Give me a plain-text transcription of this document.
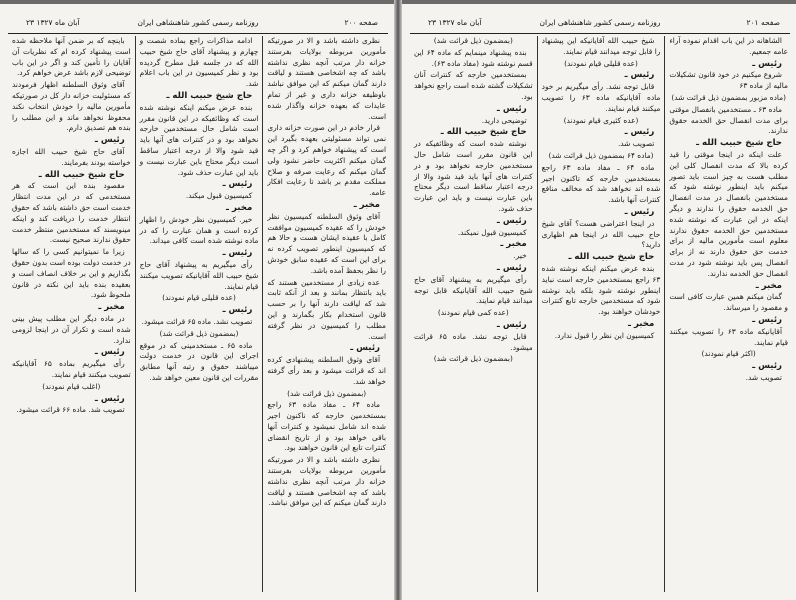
۲۳ آبان ماه ۱۳۲۷	روزنامه رسمی کشور شاهنشاهی ایران	صفحه ۲۰۰

نظری داشته باشد و الا در صورتیکه مأمورین مربوطه بولایات بفرستند خزانه دار مرتب آنچه نظری نداشته باشد که چه اشخاصی هستند و لیاقت دارند گمان میکنم که این موافق نباشد باوظیفه خزانه داری و غیر از تمام عایدات که بعهده خزانه واگذار شده است.

قرار خادم در این صورت خزانه داری نمی تواند مسئولیتی بعهده بگیرد این است که پیشنهاد خواهم کرد و اگر چه گمان میکنم اکثریت حاضر نشود ولی گمان میکنم که رعایت صرفه و صلاح مملکت مقدم بر باشد تا رعایت افکار عامه.

مخبر ـ

آقای وثوق السلطنه کمیسیون نظر خودش را که عقیده کمیسیون موافقت کامل با عقیده ایشان هست و حالا هم که کمیسیون اینطور تصویب کرده نه برای این است که عقیده سابق خودش را نظر بحفظ آمده باشد.

عده زیادی از مستخدمین هستند که باید بانتظار بمانند و بعد از آنکه ثابت شد که لیاقت دارند آنها را بر حسب قانون استخدام بکار بگمارند و این مطلب را کمیسیون در نظر گرفته است.

رئیس ـ

آقای وثوق السلطنه پیشنهادی کرده اند که قرائت میشود و بعد رأی گرفته خواهد شد.

(بمضمون ذیل قرائت شد)

ماده ۶۴ ـ مفاد ماده ۶۳ راجع بمستخدمین خارجه که ناکنون اجیر شده اند شامل نمیشود و کنترات آنها باقی خواهد بود و از تاریخ انقضای کنترات تابع این قانون خواهند بود.

نظری داشته باشد و الا در صورتیکه مأمورین مربوطه بولایات بفرستند خزانه دار مرتب آنچه نظری نداشته باشد که چه اشخاصی هستند و لیاقت دارند گمان میکنم که این موافق نباشد.

ادامه مذاکرات راجع بماده شصت و چهارم و پیشنهاد آقای حاج شیخ حبیب الله که در جلسه قبل مطرح گردیده بود و نظر کمیسیون در این باب اعلام شد.

حاج شیخ حبیب الله ـ

بنده عرض میکنم اینکه نوشته شده است که وظائفیکه در این قانون مقرر است شامل حال مستخدمین خارجه نخواهد بود و در کنترات های آنها باید قید شود والا از درجه اعتبار ساقط است دیگر محتاج باین عبارت نیست و باید این عبارت حذف شود.

رئیس ـ

کمیسیون قبول میکند.

مخبر ـ

خیر. کمیسیون نظر خودش را اظهار کرده است و همان عبارت را که در ماده نوشته شده است کافی میداند.

رئیس ـ

رأی میگیریم به پیشنهاد آقای حاج شیخ حبیب الله آقایانیکه تصویب میکنند قیام نمایند.

(عده قلیلی قیام نمودند)

رئیس ـ

تصویب نشد. ماده ۶۵ قرائت میشود.

(بمضمون ذیل قرائت شد)

ماده ۶۵ ـ مستخدمینی که در موقع اجرای این قانون در خدمت دولت میباشند حقوق و رتبه آنها مطابق مقررات این قانون معین خواهد شد.

باینچه که بر ضمن آنها ملاحظه شده است پیشنهاد کرده ام که نظریات آن آقایان را تأمین کند و اگر در این باب توضیحی لازم باشد عرض خواهم کرد.

آقای وثوق السلطنه اظهار فرمودند که مسئولیت خزانه دار کل در صورتیکه مأمورین مالیه را خودش انتخاب نکند محفوظ نخواهد ماند و این مطلب را بنده هم تصدیق دارم.

رئیس ـ

آقای حاج شیخ حبیب الله اجازه خواسته بودند بفرمایند.

حاج شیخ حبیب الله ـ

مقصود بنده این است که هر مستخدمی که در این مدت انتظار خدمت است حق داشته باشد که حقوق انتظار خدمت را دریافت کند و اینکه مینویسند که مستخدمین منتظر خدمت حقوق ندارند صحیح نیست.

زیرا ما نمیتوانیم کسی را که سالها در خدمت دولت بوده است بدون حقوق بگذاریم و این بر خلاف انصاف است و بعقیده بنده باید این نکته در قانون ملحوظ شود.

مخبر ـ

در ماده دیگر این مطلب پیش بینی شده است و تکرار آن در اینجا لزومی ندارد.

رئیس ـ

رأی میگیریم بماده ۶۵ آقایانیکه تصویب میکنند قیام نمایند.

(اغلب قیام نمودند)

رئیس ـ

تصویب شد. ماده ۶۶ قرائت میشود.

۲۳ آبان ماه ۱۳۲۷	روزنامه رسمی کشور شاهنشاهی ایران	صفحه ۲۰۱

الشاهانه در این باب اقدام نموده آراء عامه جمعیم.

رئیس ـ

شروع میکنیم در خود قانون تشکیلات مالیه از ماده ۶۳

(ماده مزبور بمضمون ذیل قرائت شد)

ماده ۶۳ ـ مستخدمین بانفصال موقتی برای مدت انفصال حق الخدمه حقوق ندارند.

حاج شیخ حبیب الله ـ

علت اینکه در اینجا موقتی را قید کرده بالا که مدت انفصال کلی این مطلب هست به چیز است باید تصور میکنم باید اینطور نوشته شود که مستخدمین بانفصال در مدت انفصال حق الخدمه حقوق را ندارند و دیگر اینکه در این عبارت که نوشته شده مستخدمین حق الخدمه حقوق ندارند معلوم است مأمورین مالیه از برای خدمت حق حقوق دارند نه از برای انفصال پس باید نوشته شود در مدت انفصال حق الخدمه ندارند.

مخبر ـ

گمان میکنم همین عبارت کافی است و مقصود را میرساند.

رئیس ـ

آقایانیکه ماده ۶۳ را تصویب میکنند قیام نمایند.

(اکثر قیام نمودند)

رئیس ـ

تصویب شد.

شیخ حبیب الله آقایانیکه این پیشنهاد را قابل توجه میدانند قیام نمایند.

(عده قلیلی قیام نمودند)

رئیس ـ

قابل توجه نشد. رأی میگیریم بر خود ماده آقایانیکه ماده ۶۳ را تصویب میکنند قیام نمایند.

(عده کثیری قیام نمودند)

رئیس ـ

تصویب شد.

(ماده ۶۴ بمضمون ذیل قرائت شد)

ماده ۶۴ ـ مفاد ماده ۶۳ راجع بمستخدمین خارجه که تاکنون اجیر شده اند نخواهد شد که مخالف منافع کنترات آنها باشد.

رئیس ـ

در اینجا اعتراضی هست؟ آقای شیخ حاج حبیب الله در اینجا هم اظهاری دارید؟

حاج شیخ حبیب الله ـ

بنده عرض میکنم اینکه نوشته شده ۶۳ راجع بمستخدمین خارجه است نباید اینطور نوشته شود بلکه باید نوشته شود که مستخدمین خارجه تابع کنترات خودشان خواهند بود.

مخبر ـ

کمیسیون این نظر را قبول ندارد.

(بمضمون ذیل قرائت شد)

بنده پیشنهاد مینمایم که ماده ۶۴ این قسم نوشته شود (مفاد ماده ۶۳).

بمستخدمین خارجه که کنترات آنان تشکیلات گشته شده است راجع نخواهد بود.

رئیس ـ

توضیحی دارید.

حاج شیخ حبیب الله ـ

نوشته شده است که وظائفیکه در این قانون مقرر است شامل حال مستخدمین خارجه نخواهد بود و در کنترات های آنها باید قید شود والا از درجه اعتبار ساقط است دیگر محتاج باین عبارت نیست و باید این عبارت حذف شود.

رئیس ـ

کمیسیون قبول نمیکند.

مخبر ـ

خیر.

رئیس ـ

رأی میگیریم به پیشنهاد آقای حاج شیخ حبیب الله آقایانیکه قابل توجه میدانند قیام نمایند.

(عده کمی قیام نمودند)

رئیس ـ

قابل توجه نشد. ماده ۶۵ قرائت میشود.

(بمضمون ذیل قرائت شد)
